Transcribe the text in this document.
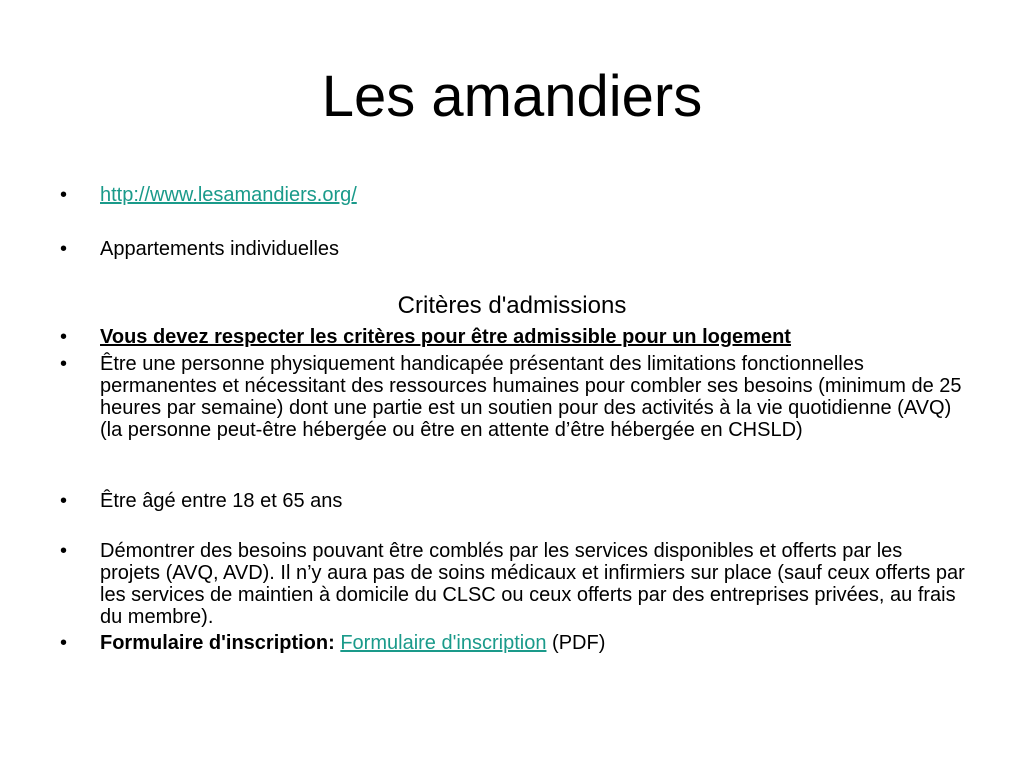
Les amandiers
•	http://www.lesamandiers.org/
•	Appartements individuelles
Critères d'admissions
•	Vous devez respecter les critères pour être admissible pour un logement
•	Être une personne physiquement handicapée présentant des limitations fonctionnelles permanentes et nécessitant des ressources humaines pour combler ses besoins (minimum de 25 heures par semaine) dont une partie est un soutien pour des activités à la vie quotidienne (AVQ) (la personne peut-être hébergée ou être en attente d’être hébergée en CHSLD)
•	Être âgé entre 18 et 65 ans
•	Démontrer des besoins pouvant être comblés par les services disponibles et offerts par les projets (AVQ, AVD). Il n’y aura pas de soins médicaux et infirmiers sur place (sauf ceux offerts par les services de maintien à domicile du CLSC ou ceux offerts par des entreprises privées, au frais du membre).
•	Formulaire d'inscription: Formulaire d'inscription (PDF)
